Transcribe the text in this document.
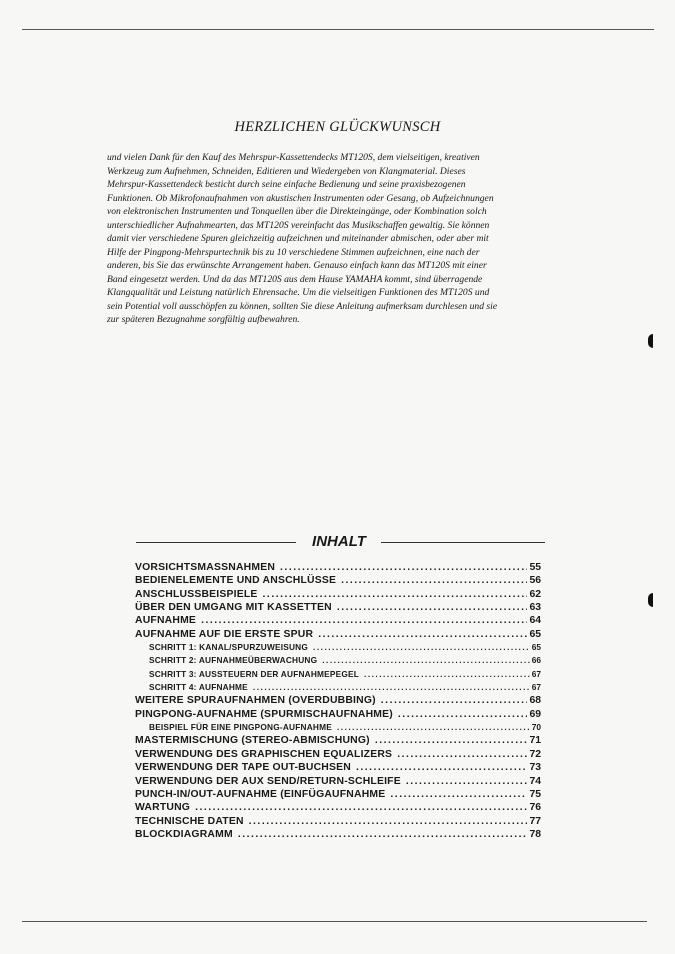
HERZLICHEN GLÜCKWUNSCH

und vielen Dank für den Kauf des Mehrspur-Kassettendecks MT120S, dem vielseitigen, kreativen
Werkzeug zum Aufnehmen, Schneiden, Editieren und Wiedergeben von Klangmaterial. Dieses
Mehrspur-Kassettendeck besticht durch seine einfache Bedienung und seine praxisbezogenen
Funktionen. Ob Mikrofonaufnahmen von akustischen Instrumenten oder Gesang, ob Aufzeichnungen
von elektronischen Instrumenten und Tonquellen über die Direkteingänge, oder Kombination solch
unterschiedlicher Aufnahmearten, das MT120S vereinfacht das Musikschaffen gewaltig. Sie können
damit vier verschiedene Spuren gleichzeitig aufzeichnen und miteinander abmischen, oder aber mit
Hilfe der Pingpong-Mehrspurtechnik bis zu 10 verschiedene Stimmen aufzeichnen, eine nach der
anderen, bis Sie das erwünschte Arrangement haben. Genauso einfach kann das MT120S mit einer
Band eingesetzt werden. Und da das MT120S aus dem Hause YAMAHA kommt, sind überragende
Klangqualität und Leistung natürlich Ehrensache. Um die vielseitigen Funktionen des MT120S und
sein Potential voll ausschöpfen zu können, sollten Sie diese Anleitung aufmerksam durchlesen und sie
zur späteren Bezugnahme sorgfältig aufbewahren.

INHALT
VORSICHTSMASSNAHMEN .....	55
BEDIENELEMENTE UND ANSCHLÜSSE .....	56
ANSCHLUSSBEISPIELE .....	62
ÜBER DEN UMGANG MIT KASSETTEN .....	63
AUFNAHME .....	64
AUFNAHME AUF DIE ERSTE SPUR .....	65
SCHRITT 1: KANAL/SPURZUWEISUNG .....	65
SCHRITT 2: AUFNAHMEÜBERWACHUNG .....	66
SCHRITT 3: AUSSTEUERN DER AUFNAHMEPEGEL .....	67
SCHRITT 4: AUFNAHME .....	67
WEITERE SPURAUFNAHMEN (OVERDUBBING) .....	68
PINGPONG-AUFNAHME (SPURMISCHAUFNAHME) .....	69
BEISPIEL FÜR EINE PINGPONG-AUFNAHME .....	70
MASTERMISCHUNG (STEREO-ABMISCHUNG) .....	71
VERWENDUNG DES GRAPHISCHEN EQUALIZERS .....	72
VERWENDUNG DER TAPE OUT-BUCHSEN .....	73
VERWENDUNG DER AUX SEND/RETURN-SCHLEIFE .....	74
PUNCH-IN/OUT-AUFNAHME (EINFÜGAUFNAHME .....	75
WARTUNG .....	76
TECHNISCHE DATEN .....	77
BLOCKDIAGRAMM .....	78
